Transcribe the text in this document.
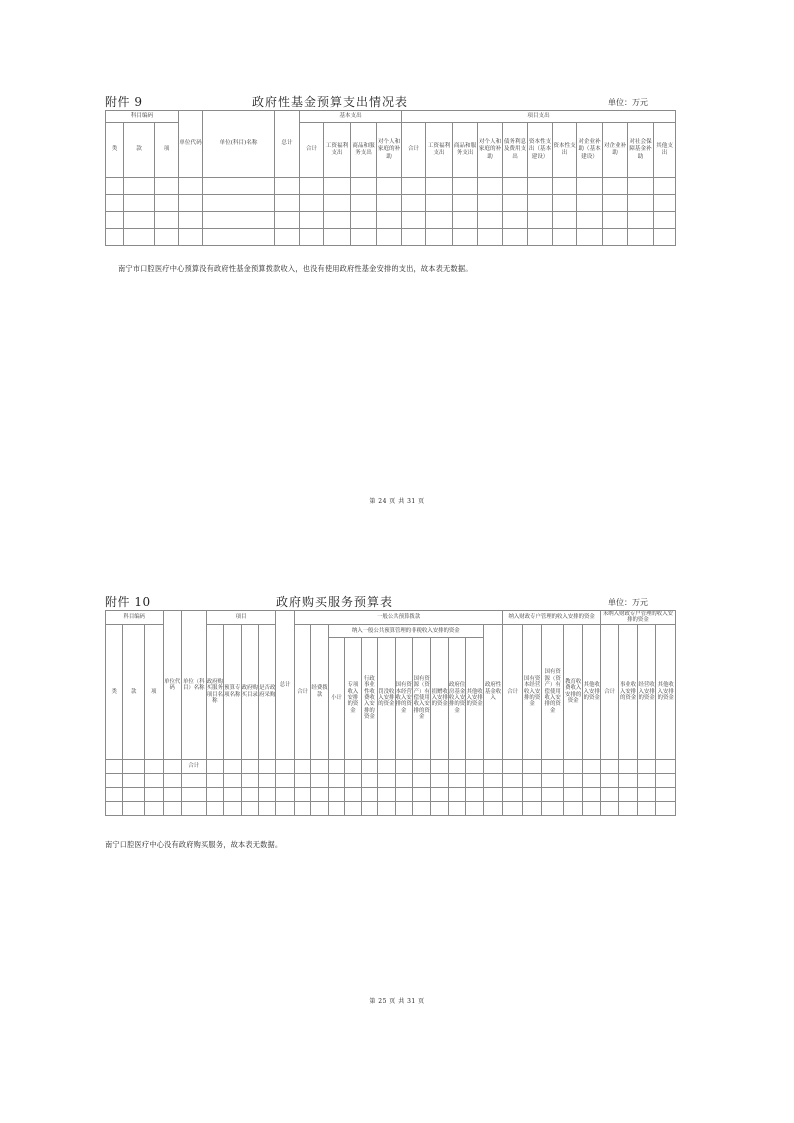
附件 9	政府性基金预算支出情况表	单位：万元
科目编码			单位代码	单位(科目)名称	总计	基本支出				项目支出										
类	款	项				合计	工资福利支出	商品和服务支出	对个人和家庭的补助	合计	工资福利支出	商品和服务支出	对个人和家庭的补助	债务利息及费用支出	资本性支出（基本建设）	资本性支出	对企业补助（基本建设）	对企业补助	对社会保障基金补助	其他支出

南宁市口腔医疗中心预算没有政府性基金预算拨款收入，也没有使用政府性基金安排的支出，故本表无数据。
第 24 页 共 31 页
附件 10	政府购买服务预算表	单位：万元
科目编码			单位代码	单位（科目）名称	项目				总计	一般公共预算拨款												纳入财政专户管理的收入安排的资金					未纳入财政专户管理的收入安排的资金			
类	款	项			政府购买服务项目名称	预算专项名称	政府购买目录	是否政府采购		合计	经费拨款	纳入一般公共预算管理的非税收入安排的资金									政府性基金收入	合计	国有资本经营收入安排的资金	国有资源（资产）有偿使用收入安排的资金	教育收费收入安排的资金	其他收入安排的资金	合计	事业收入安排的资金	经营收入安排的资金	其他收入安排的资金
												小计	专项收入安排的资金	行政事业性收费收入安排的资金	罚没收入安排的资金	国有资本经营收入安排的资金	国有资源（资产）有偿使用收入安排的资金	捐赠收入安排的资金	政府住房基金收入安排的资金	其他收入安排的资金										
				合计																										

南宁口腔医疗中心没有政府购买服务，故本表无数据。
第 25 页 共 31 页
